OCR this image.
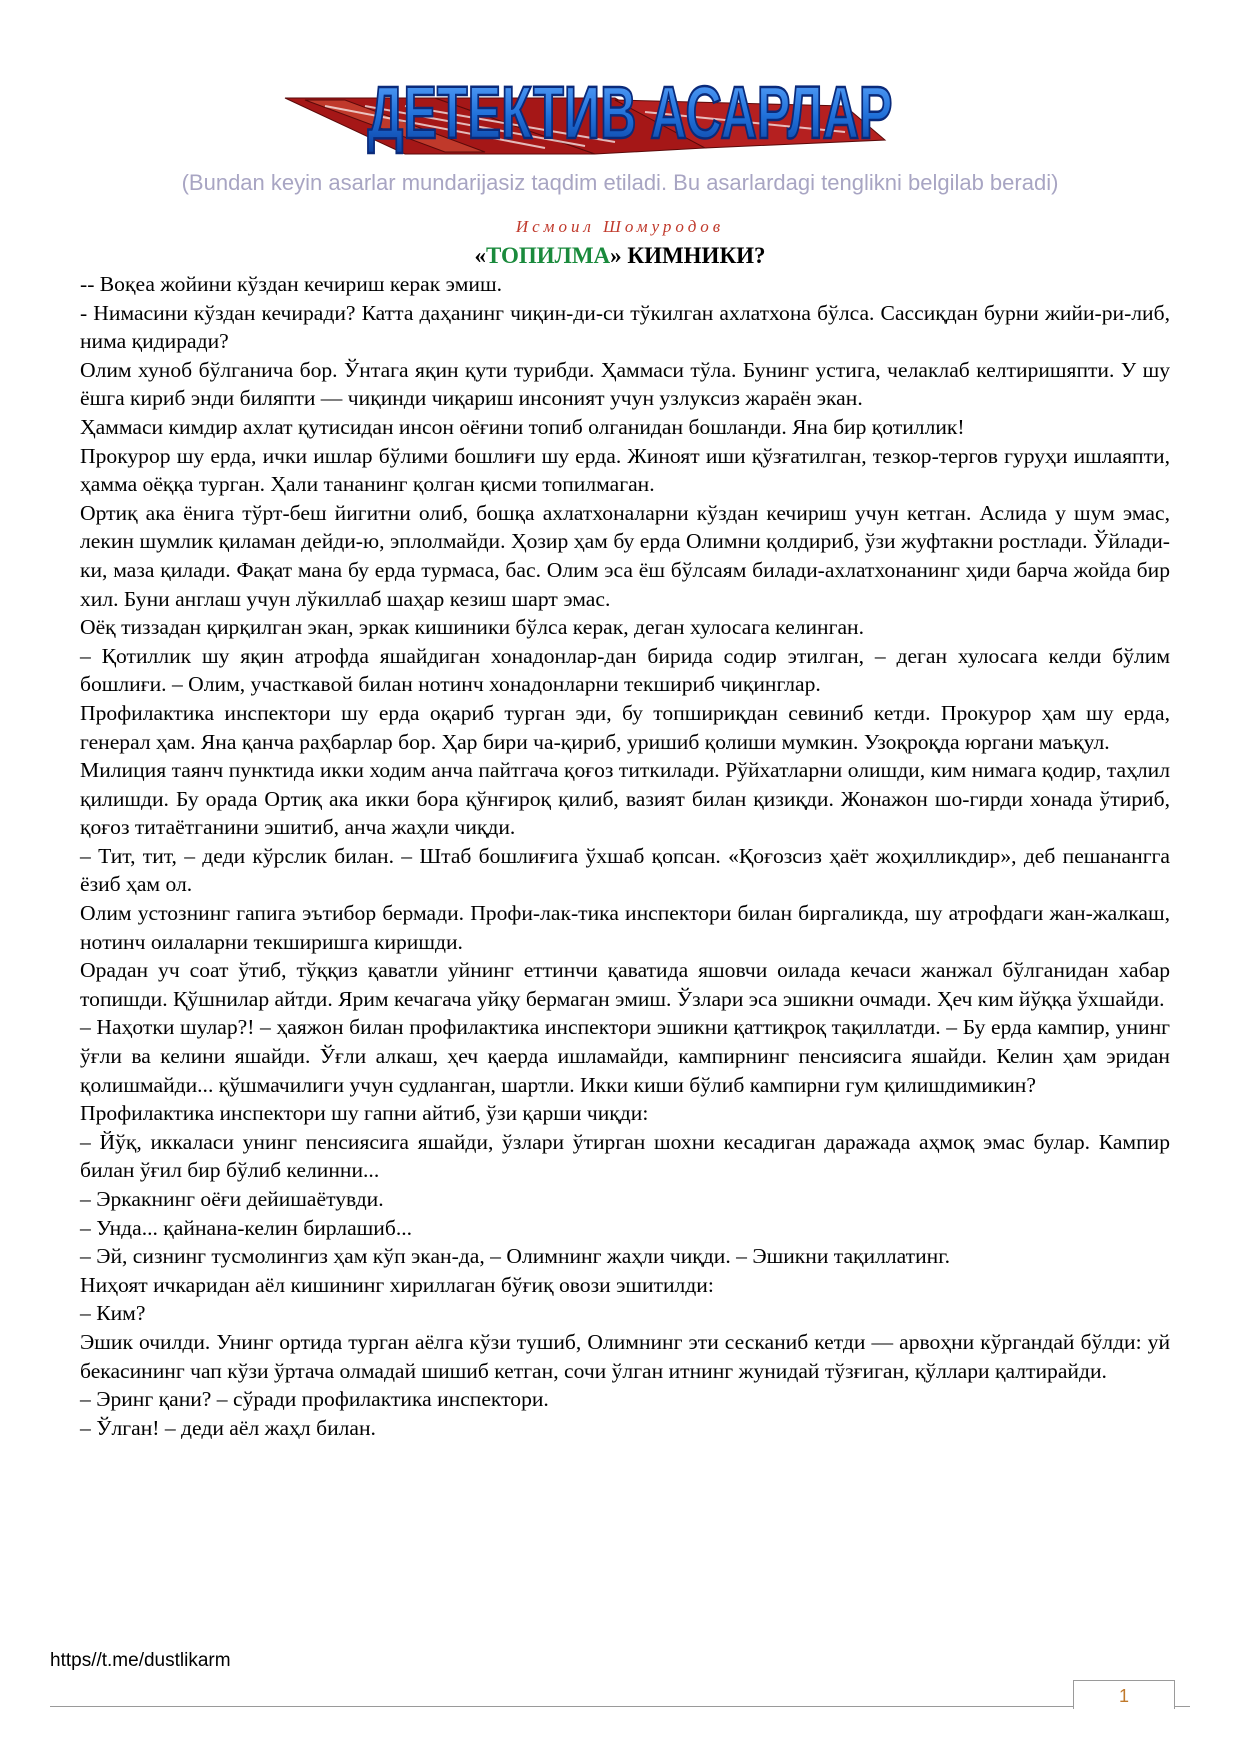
ДЕТЕКТИВ АСАРЛАР
(Bundan keyin asarlar mundarijasiz taqdim etiladi. Bu asarlardagi tenglikni belgilab beradi)
Исмоил Шомуродов
«ТОПИЛМА» КИМНИКИ?

-- Воқеа жойини кўздан кечириш керак эмиш.

- Нимасини кўздан кечиради? Катта даҳанинг чиқин-ди-си тўкилган ахлатхона бўлса. Сассиқдан бурни жийи-ри-либ, нима қидиради?

Олим хуноб бўлганича бор. Ўнтага яқин қути турибди. Ҳаммаси тўла. Бунинг устига, челаклаб келтиришяпти. У шу ёшга кириб энди биляпти — чиқинди чиқариш инсоният учун узлуксиз жараён экан.

Ҳаммаси кимдир ахлат қутисидан инсон оёғини топиб олганидан бошланди. Яна бир қотиллик!

Прокурор шу ерда, ички ишлар бўлими бошлиғи шу ерда. Жиноят иши қўзғатилган, тезкор-тергов гуруҳи ишлаяпти, ҳамма оёққа турган. Ҳали тананинг қолган қисми топилмаган.

Ортиқ ака ёнига тўрт-беш йигитни олиб, бошқа ахлатхоналарни кўздан кечириш учун кетган. Аслида у шум эмас, лекин шумлик қиламан дейди-ю, эплолмайди. Ҳозир ҳам бу ерда Олимни қолдириб, ўзи жуфтакни ростлади. Ўйладики, маза қилади. Фақат мана бу ерда турмаса, бас. Олим эса ёш бўлсаям билади-ахлатхонанинг ҳиди барча жойда бир хил. Буни англаш учун лўкиллаб шаҳар кезиш шарт эмас.

Оёқ тиззадан қирқилган экан, эркак кишиники бўлса керак, деган хулосага келинган.

– Қотиллик шу яқин атрофда яшайдиган хонадонлар-дан бирида содир этилган, – деган хулосага келди бўлим бошлиғи. – Олим, участкавой билан нотинч хонадонларни текшириб чиқинглар.

Профилактика инспектори шу ерда оқариб турган эди, бу топшириқдан севиниб кетди. Прокурор ҳам шу ерда, генерал ҳам. Яна қанча раҳбарлар бор. Ҳар бири ча-қириб, уришиб қолиши мумкин. Узоқроқда юргани маъқул.

Милиция таянч пунктида икки ходим анча пайтгача қоғоз титкилади. Рўйхатларни олишди, ким нимага қодир, таҳлил қилишди. Бу орада Ортиқ ака икки бора қўнғироқ қилиб, вазият билан қизиқди. Жонажон шо-гирди хонада ўтириб, қоғоз титаётганини эшитиб, анча жаҳли чиқди.

– Тит, тит, – деди кўрслик билан. – Штаб бошлиғига ўхшаб қопсан. «Қоғозсиз ҳаёт жоҳилликдир», деб пешанангга ёзиб ҳам ол.

Олим устознинг гапига эътибор бермади. Профи-лак-тика инспектори билан биргаликда, шу атрофдаги жан-жалкаш, нотинч оилаларни текширишга киришди.

Орадан уч соат ўтиб, тўққиз қаватли уйнинг еттинчи қаватида яшовчи оилада кечаси жанжал бўлганидан хабар топишди. Қўшнилар айтди. Ярим кечагача уйқу бермаган эмиш. Ўзлари эса эшикни очмади. Ҳеч ким йўққа ўхшайди.

– Наҳотки шулар?! – ҳаяжон билан профилактика инспектори эшикни қаттиқроқ тақиллатди. – Бу ерда кампир, унинг ўғли ва келини яшайди. Ўғли алкаш, ҳеч қаерда ишламайди, кампирнинг пенсиясига яшайди. Келин ҳам эридан қолишмайди... қўшмачилиги учун судланган, шартли. Икки киши бўлиб кампирни гум қилишдимикин?

Профилактика инспектори шу гапни айтиб, ўзи қарши чиқди:

– Йўқ, иккаласи унинг пенсиясига яшайди, ўзлари ўтирган шохни кесадиган даражада аҳмоқ эмас булар. Кампир билан ўғил бир бўлиб келинни...

– Эркакнинг оёғи дейишаётувди.

– Унда... қайнана-келин бирлашиб...

– Эй, сизнинг тусмолингиз ҳам кўп экан-да, – Олимнинг жаҳли чиқди. – Эшикни тақиллатинг.

Ниҳоят ичкаридан аёл кишининг хириллаган бўғиқ овози эшитилди:

– Ким?

Эшик очилди. Унинг ортида турган аёлга кўзи тушиб, Олимнинг эти сесканиб кетди — арвоҳни кўргандай бўлди: уй бекасининг чап кўзи ўртача олмадай шишиб кетган, сочи ўлган итнинг жунидай тўзғиган, қўллари қалтирайди.

– Эринг қани? – сўради профилактика инспектори.

– Ўлган! – деди аёл жаҳл билан.

https//t.me/dustlikarm
1
